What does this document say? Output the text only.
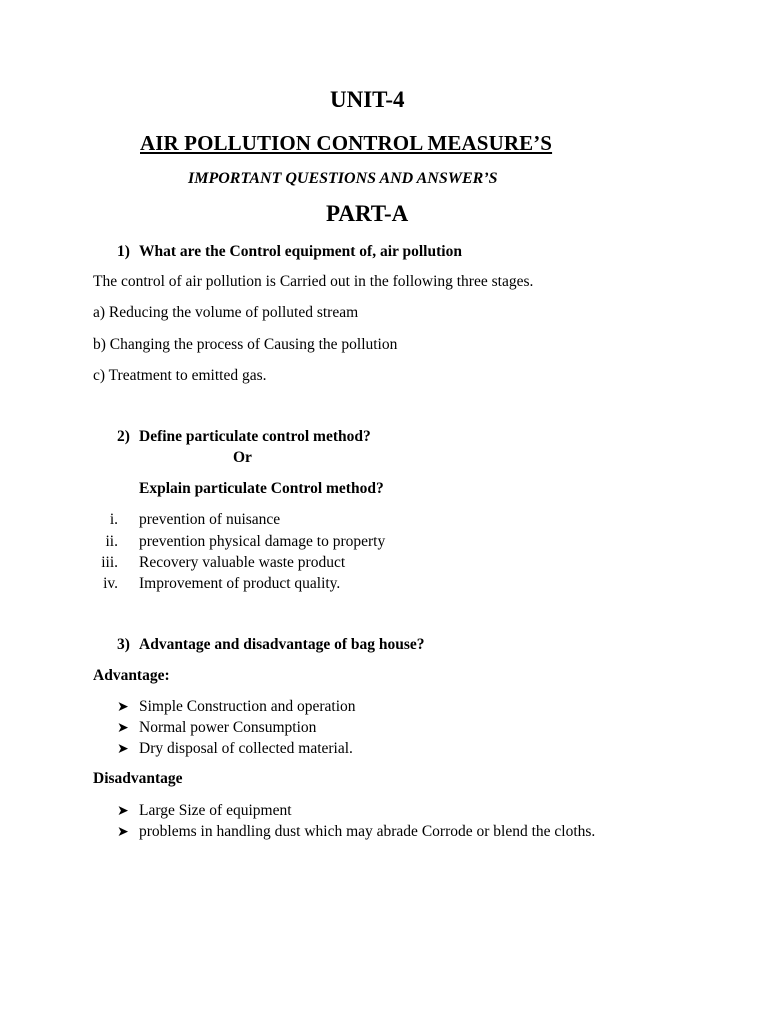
UNIT-4
AIR POLLUTION CONTROL MEASURE’S
IMPORTANT QUESTIONS AND ANSWER’S
PART-A
1) What are the Control equipment of, air pollution
The control of air pollution is Carried out in the following three stages.
a) Reducing the volume of polluted stream
b) Changing the process of Causing the pollution
c) Treatment to emitted gas.
2) Define particulate control method?
Or
Explain particulate Control method?
i. prevention of nuisance
ii. prevention physical damage to property
iii. Recovery valuable waste product
iv. Improvement of product quality.
3) Advantage and disadvantage of bag house?
Advantage:
➤ Simple Construction and operation
➤ Normal power Consumption
➤ Dry disposal of collected material.
Disadvantage
➤ Large Size of equipment
➤ problems in handling dust which may abrade Corrode or blend the cloths.
